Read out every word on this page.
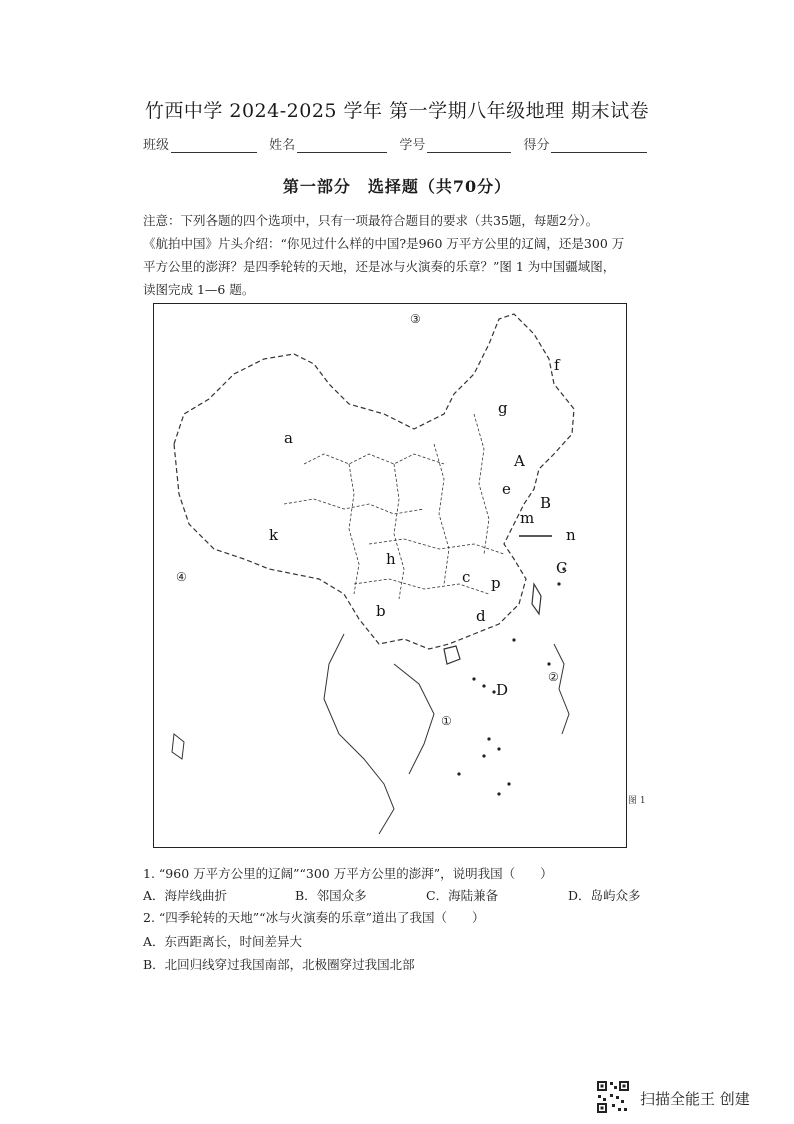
竹西中学 2024-2025 学年 第一学期八年级地理 期末试卷
班级	姓名	学号	得分
第一部分　选择题（共70分）
注意：下列各题的四个选项中，只有一项最符合题目的要求（共35题，每题2分）。
《航拍中国》片头介绍：“你见过什么样的中国?是960 万平方公里的辽阔，还是300 万
平方公里的澎湃？是四季轮转的天地，还是冰与火演奏的乐章？”图 1 为中国疆域图，
读图完成 1—6 题。
a
k
h
b
c p
d
e
g
f
A
B
C
D
m
n
①
②
③
④
图 1
1. “960 万平方公里的辽阔”“300 万平方公里的澎湃”，说明我国（　　）
A．海岸线曲折	B．邻国众多	C．海陆兼备	D．岛屿众多
2. “四季轮转的天地”“冰与火演奏的乐章”道出了我国（　　）
A．东西距离长，时间差异大
B．北回归线穿过我国南部，北极圈穿过我国北部
扫描全能王 创建
